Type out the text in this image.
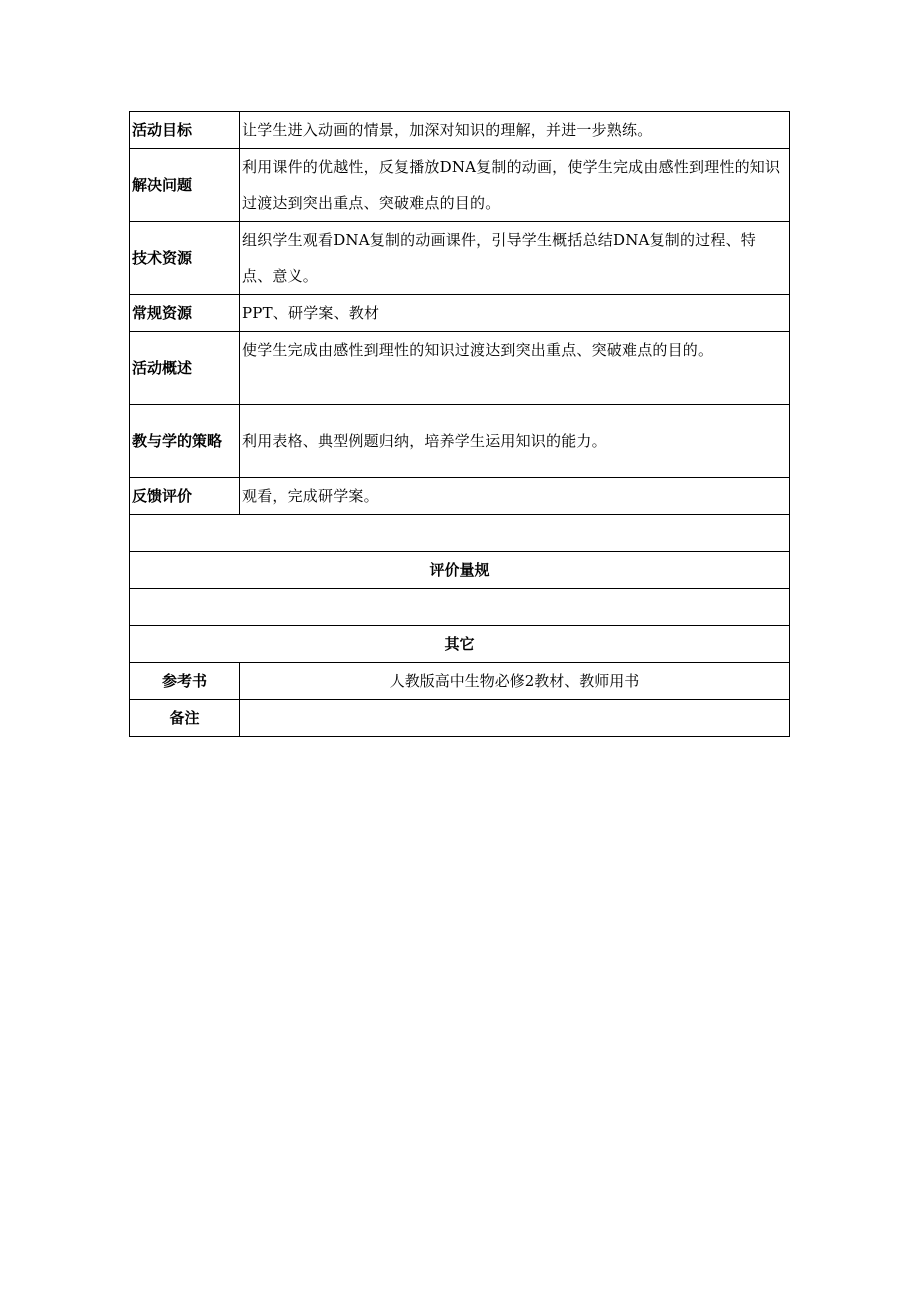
活动目标	让学生进入动画的情景，加深对知识的理解，并进一步熟练。
解决问题	利用课件的优越性，反复播放DNA复制的动画，使学生完成由感性到理性的知识过渡达到突出重点、突破难点的目的。
技术资源	组织学生观看DNA复制的动画课件，引导学生概括总结DNA复制的过程、特点、意义。
常规资源	PPT、研学案、教材
活动概述	使学生完成由感性到理性的知识过渡达到突出重点、突破难点的目的。
教与学的策略	利用表格、典型例题归纳，培养学生运用知识的能力。
反馈评价	观看，完成研学案。

评价量规	

其它	
参考书	人教版高中生物必修2教材、教师用书
备注	
